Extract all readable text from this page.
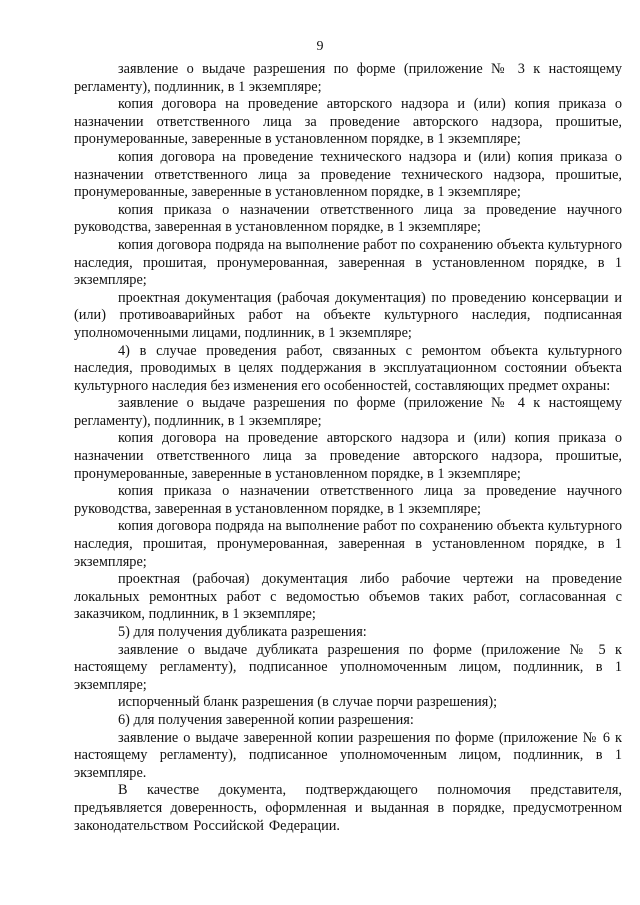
9

заявление о выдаче разрешения по форме (приложение № 3 к настоящему регламенту), подлинник, в 1 экземпляре;

копия договора на проведение авторского надзора и (или) копия приказа о назначении ответственного лица за проведение авторского надзора, прошитые, пронумерованные, заверенные в установленном порядке, в 1 экземпляре;

копия договора на проведение технического надзора и (или) копия приказа о назначении ответственного лица за проведение технического надзора, прошитые, пронумерованные, заверенные в установленном порядке, в 1 экземпляре;

копия приказа о назначении ответственного лица за проведение научного руководства, заверенная в установленном порядке, в 1 экземпляре;

копия договора подряда на выполнение работ по сохранению объекта культурного наследия, прошитая, пронумерованная, заверенная в установленном порядке, в 1 экземпляре;

проектная документация (рабочая документация) по проведению консервации и (или) противоаварийных работ на объекте культурного наследия, подписанная уполномоченными лицами, подлинник, в 1 экземпляре;

4) в случае проведения работ, связанных с ремонтом объекта культурного наследия, проводимых в целях поддержания в эксплуатационном состоянии объекта культурного наследия без изменения его особенностей, составляющих предмет охраны:

заявление о выдаче разрешения по форме (приложение № 4 к настоящему регламенту), подлинник, в 1 экземпляре;

копия договора на проведение авторского надзора и (или) копия приказа о назначении ответственного лица за проведение авторского надзора, прошитые, пронумерованные, заверенные в установленном порядке, в 1 экземпляре;

копия приказа о назначении ответственного лица за проведение научного руководства, заверенная в установленном порядке, в 1 экземпляре;

копия договора подряда на выполнение работ по сохранению объекта культурного наследия, прошитая, пронумерованная, заверенная в установленном порядке, в 1 экземпляре;

проектная (рабочая) документация либо рабочие чертежи на проведение локальных ремонтных работ с ведомостью объемов таких работ, согласованная с заказчиком, подлинник, в 1 экземпляре;

5) для получения дубликата разрешения:

заявление о выдаче дубликата разрешения по форме (приложение № 5 к настоящему регламенту), подписанное уполномоченным лицом, подлинник, в 1 экземпляре;

испорченный бланк разрешения (в случае порчи разрешения);

6) для получения заверенной копии разрешения:

заявление о выдаче заверенной копии разрешения по форме (приложение № 6 к настоящему регламенту), подписанное уполномоченным лицом, подлинник, в 1 экземпляре.

В качестве документа, подтверждающего полномочия представителя, предъявляется доверенность, оформленная и выданная в порядке, предусмотренном законодательством Российской Федерации.
